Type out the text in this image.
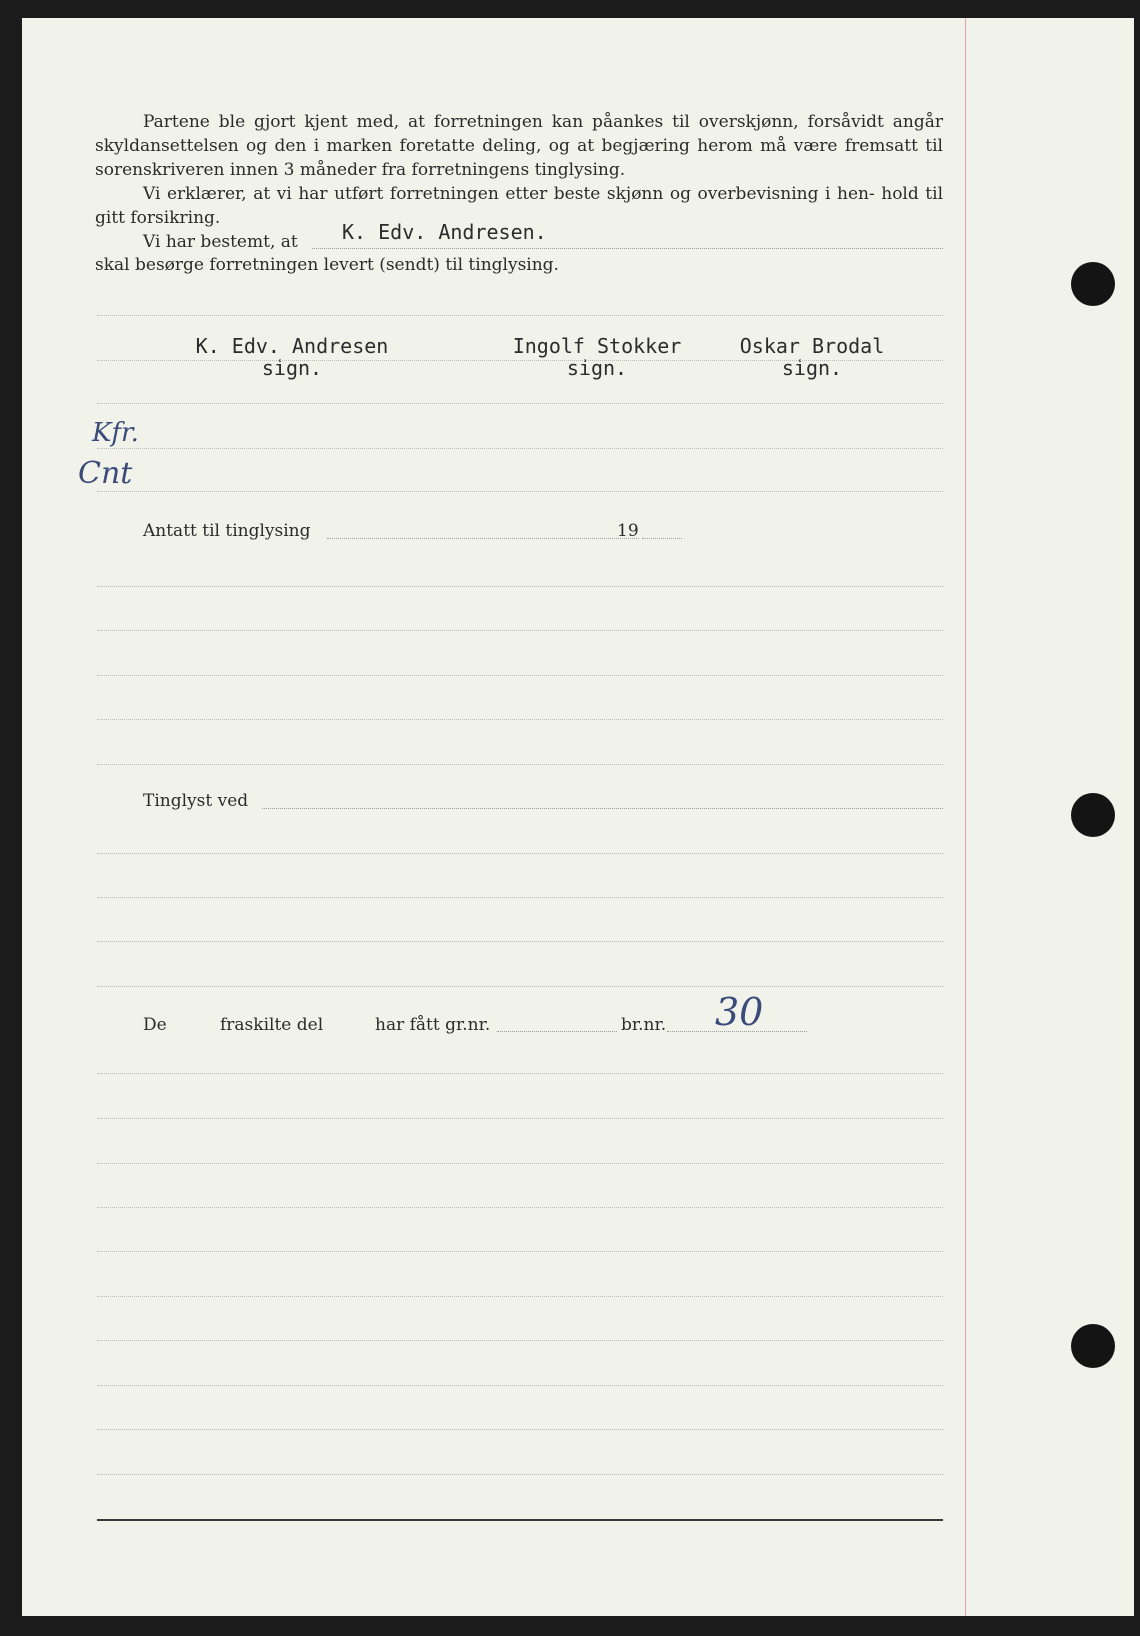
Partene ble gjort kjent med, at forretningen kan påankes til overskjønn, forsåvidt angår skyldansettelsen og den i marken foretatte deling, og at begjæring herom må være fremsatt til sorenskriveren innen 3 måneder fra forretningens tinglysing.
Vi erklærer, at vi har utført forretningen etter beste skjønn og overbevisning i hen- hold til gitt forsikring.
Vi har bestemt, at K. Edv. Andresen.
skal besørge forretningen levert (sendt) til tinglysing.
K. Edv. Andresen
sign.
Ingolf Stokker
sign.
Oskar Brodal
sign.
Kfr.
Cnt
Antatt til tinglysing	19
Tinglyst ved
De	fraskilte del	har fått gr.nr.	br.nr. 30
